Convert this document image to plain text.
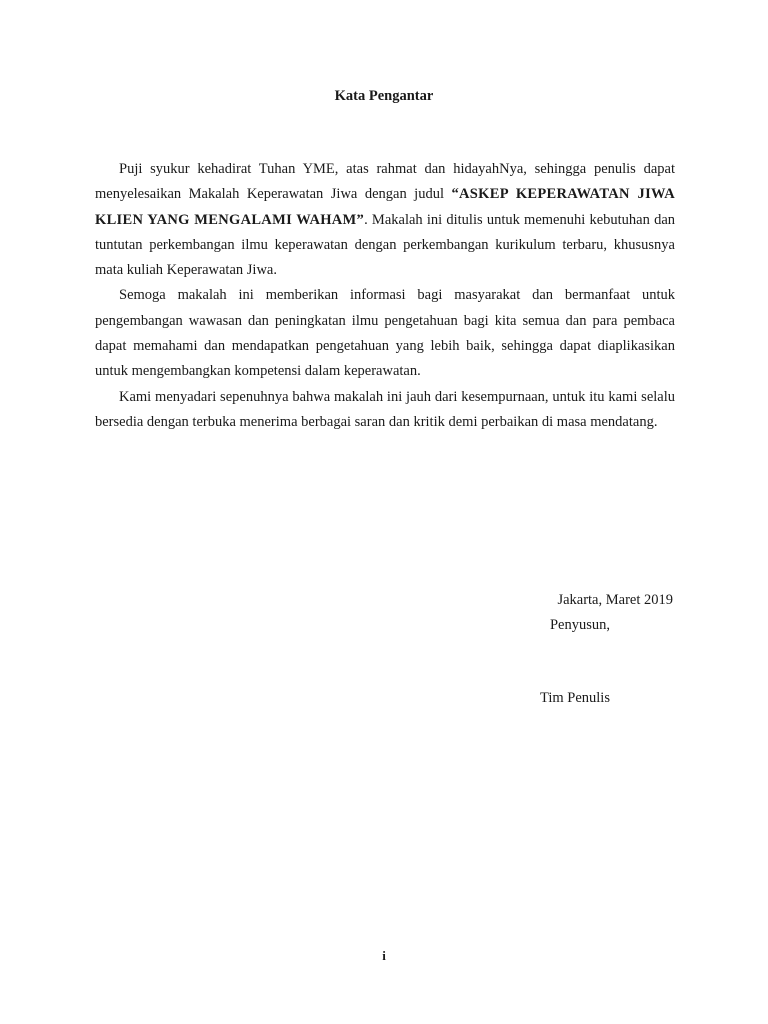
Kata Pengantar

Puji syukur kehadirat Tuhan YME, atas rahmat dan hidayahNya, sehingga penulis dapat menyelesaikan Makalah Keperawatan Jiwa dengan judul “ASKEP KEPERAWATAN JIWA KLIEN YANG MENGALAMI WAHAM”. Makalah ini ditulis untuk memenuhi kebutuhan dan tuntutan perkembangan ilmu keperawatan dengan perkembangan kurikulum terbaru, khususnya mata kuliah Keperawatan Jiwa.

Semoga makalah ini memberikan informasi bagi masyarakat dan bermanfaat untuk pengembangan wawasan dan peningkatan ilmu pengetahuan bagi kita semua dan para pembaca dapat memahami dan mendapatkan pengetahuan yang lebih baik, sehingga dapat diaplikasikan untuk mengembangkan kompetensi dalam keperawatan.

Kami menyadari sepenuhnya bahwa makalah ini jauh dari kesempurnaan, untuk itu kami selalu bersedia dengan terbuka menerima berbagai saran dan kritik demi perbaikan di masa mendatang.

Jakarta, Maret 2019
Penyusun,
Tim Penulis
i
